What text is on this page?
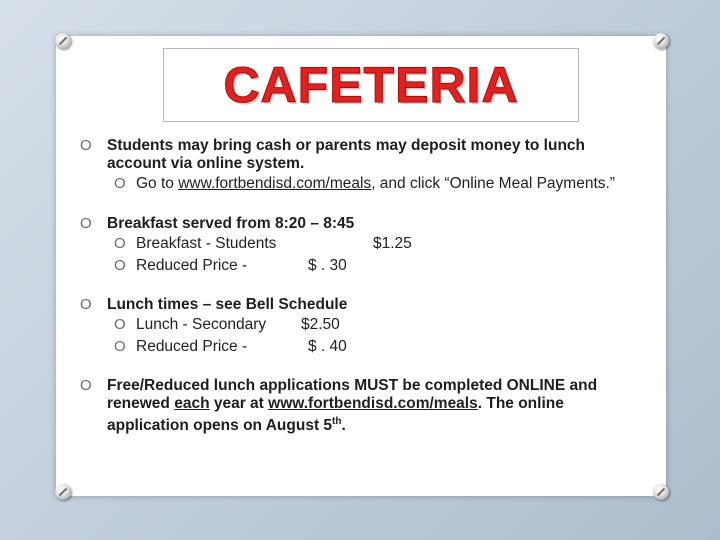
CAFETERIA
O Students may bring cash or parents may deposit money to lunch account via online system.
O Go to www.fortbendisd.com/meals, and click “Online Meal Payments.”
O Breakfast served from 8:20 – 8:45
O Breakfast - Students	$1.25
O Reduced Price -	$ . 30
O Lunch times – see Bell Schedule
O Lunch - Secondary $2.50
O Reduced Price -	$ . 40
O Free/Reduced lunch applications MUST be completed ONLINE and renewed each year at www.fortbendisd.com/meals. The online application opens on August 5th.
